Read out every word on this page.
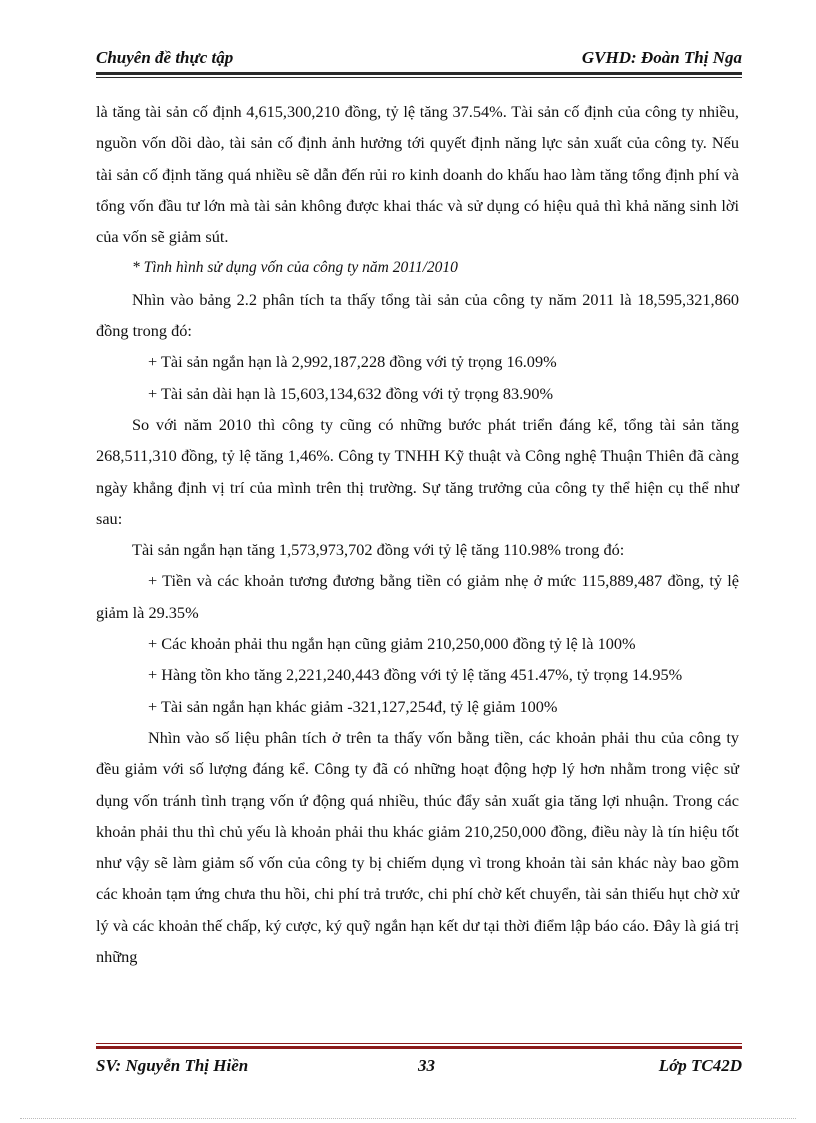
Chuyên đề thực tập	GVHD: Đoàn Thị Nga

là tăng tài sản cố định 4,615,300,210 đồng, tỷ lệ tăng 37.54%. Tài sản cố định của công ty nhiều, nguồn vốn dồi dào, tài sản cố định ảnh hưởng tới quyết định năng lực sản xuất của công ty. Nếu tài sản cố định tăng quá nhiều sẽ dẫn đến rủi ro kinh doanh do khấu hao làm tăng tổng định phí và tổng vốn đầu tư lớn mà tài sản không được khai thác và sử dụng có hiệu quả thì khả năng sinh lời của vốn sẽ giảm sút.

* Tình hình sử dụng vốn của công ty năm 2011/2010

Nhìn vào bảng 2.2 phân tích ta thấy tổng tài sản của công ty năm 2011 là 18,595,321,860 đồng trong đó:

+ Tài sản ngắn hạn là 2,992,187,228 đồng với tỷ trọng 16.09%

+ Tài sản dài hạn là 15,603,134,632 đồng với tỷ trọng 83.90%

So với năm 2010 thì công ty cũng có những bước phát triển đáng kể, tổng tài sản tăng 268,511,310 đồng, tỷ lệ tăng 1,46%. Công ty TNHH Kỹ thuật và Công nghệ Thuận Thiên đã càng ngày khẳng định vị trí của mình trên thị trường. Sự tăng trưởng của công ty thể hiện cụ thể như sau:

Tài sản ngắn hạn tăng 1,573,973,702 đồng với tỷ lệ tăng 110.98% trong đó:

+ Tiền và các khoản tương đương bằng tiền có giảm nhẹ ở mức 115,889,487 đồng, tỷ lệ giảm là 29.35%

+ Các khoản phải thu ngắn hạn cũng giảm 210,250,000 đồng tỷ lệ là 100%

+ Hàng tồn kho tăng 2,221,240,443 đồng với tỷ lệ tăng 451.47%, tỷ trọng 14.95%

+ Tài sản ngắn hạn khác giảm -321,127,254đ, tỷ lệ giảm 100%

Nhìn vào số liệu phân tích ở trên ta thấy vốn bằng tiền, các khoản phải thu của công ty đều giảm với số lượng đáng kể. Công ty đã có những hoạt động hợp lý hơn nhằm trong việc sử dụng vốn tránh tình trạng vốn ứ động quá nhiều, thúc đẩy sản xuất gia tăng lợi nhuận. Trong các khoản phải thu thì chủ yếu là khoản phải thu khác giảm 210,250,000 đồng, điều này là tín hiệu tốt như vậy sẽ làm giảm số vốn của công ty bị chiếm dụng vì trong khoản tài sản khác này bao gồm các khoản tạm ứng chưa thu hồi, chi phí trả trước, chi phí chờ kết chuyển, tài sản thiếu hụt chờ xử lý và các khoản thế chấp, ký cược, ký quỹ ngắn hạn kết dư tại thời điểm lập báo cáo. Đây là giá trị những

SV: Nguyễn Thị Hiền	33	Lớp TC42D
